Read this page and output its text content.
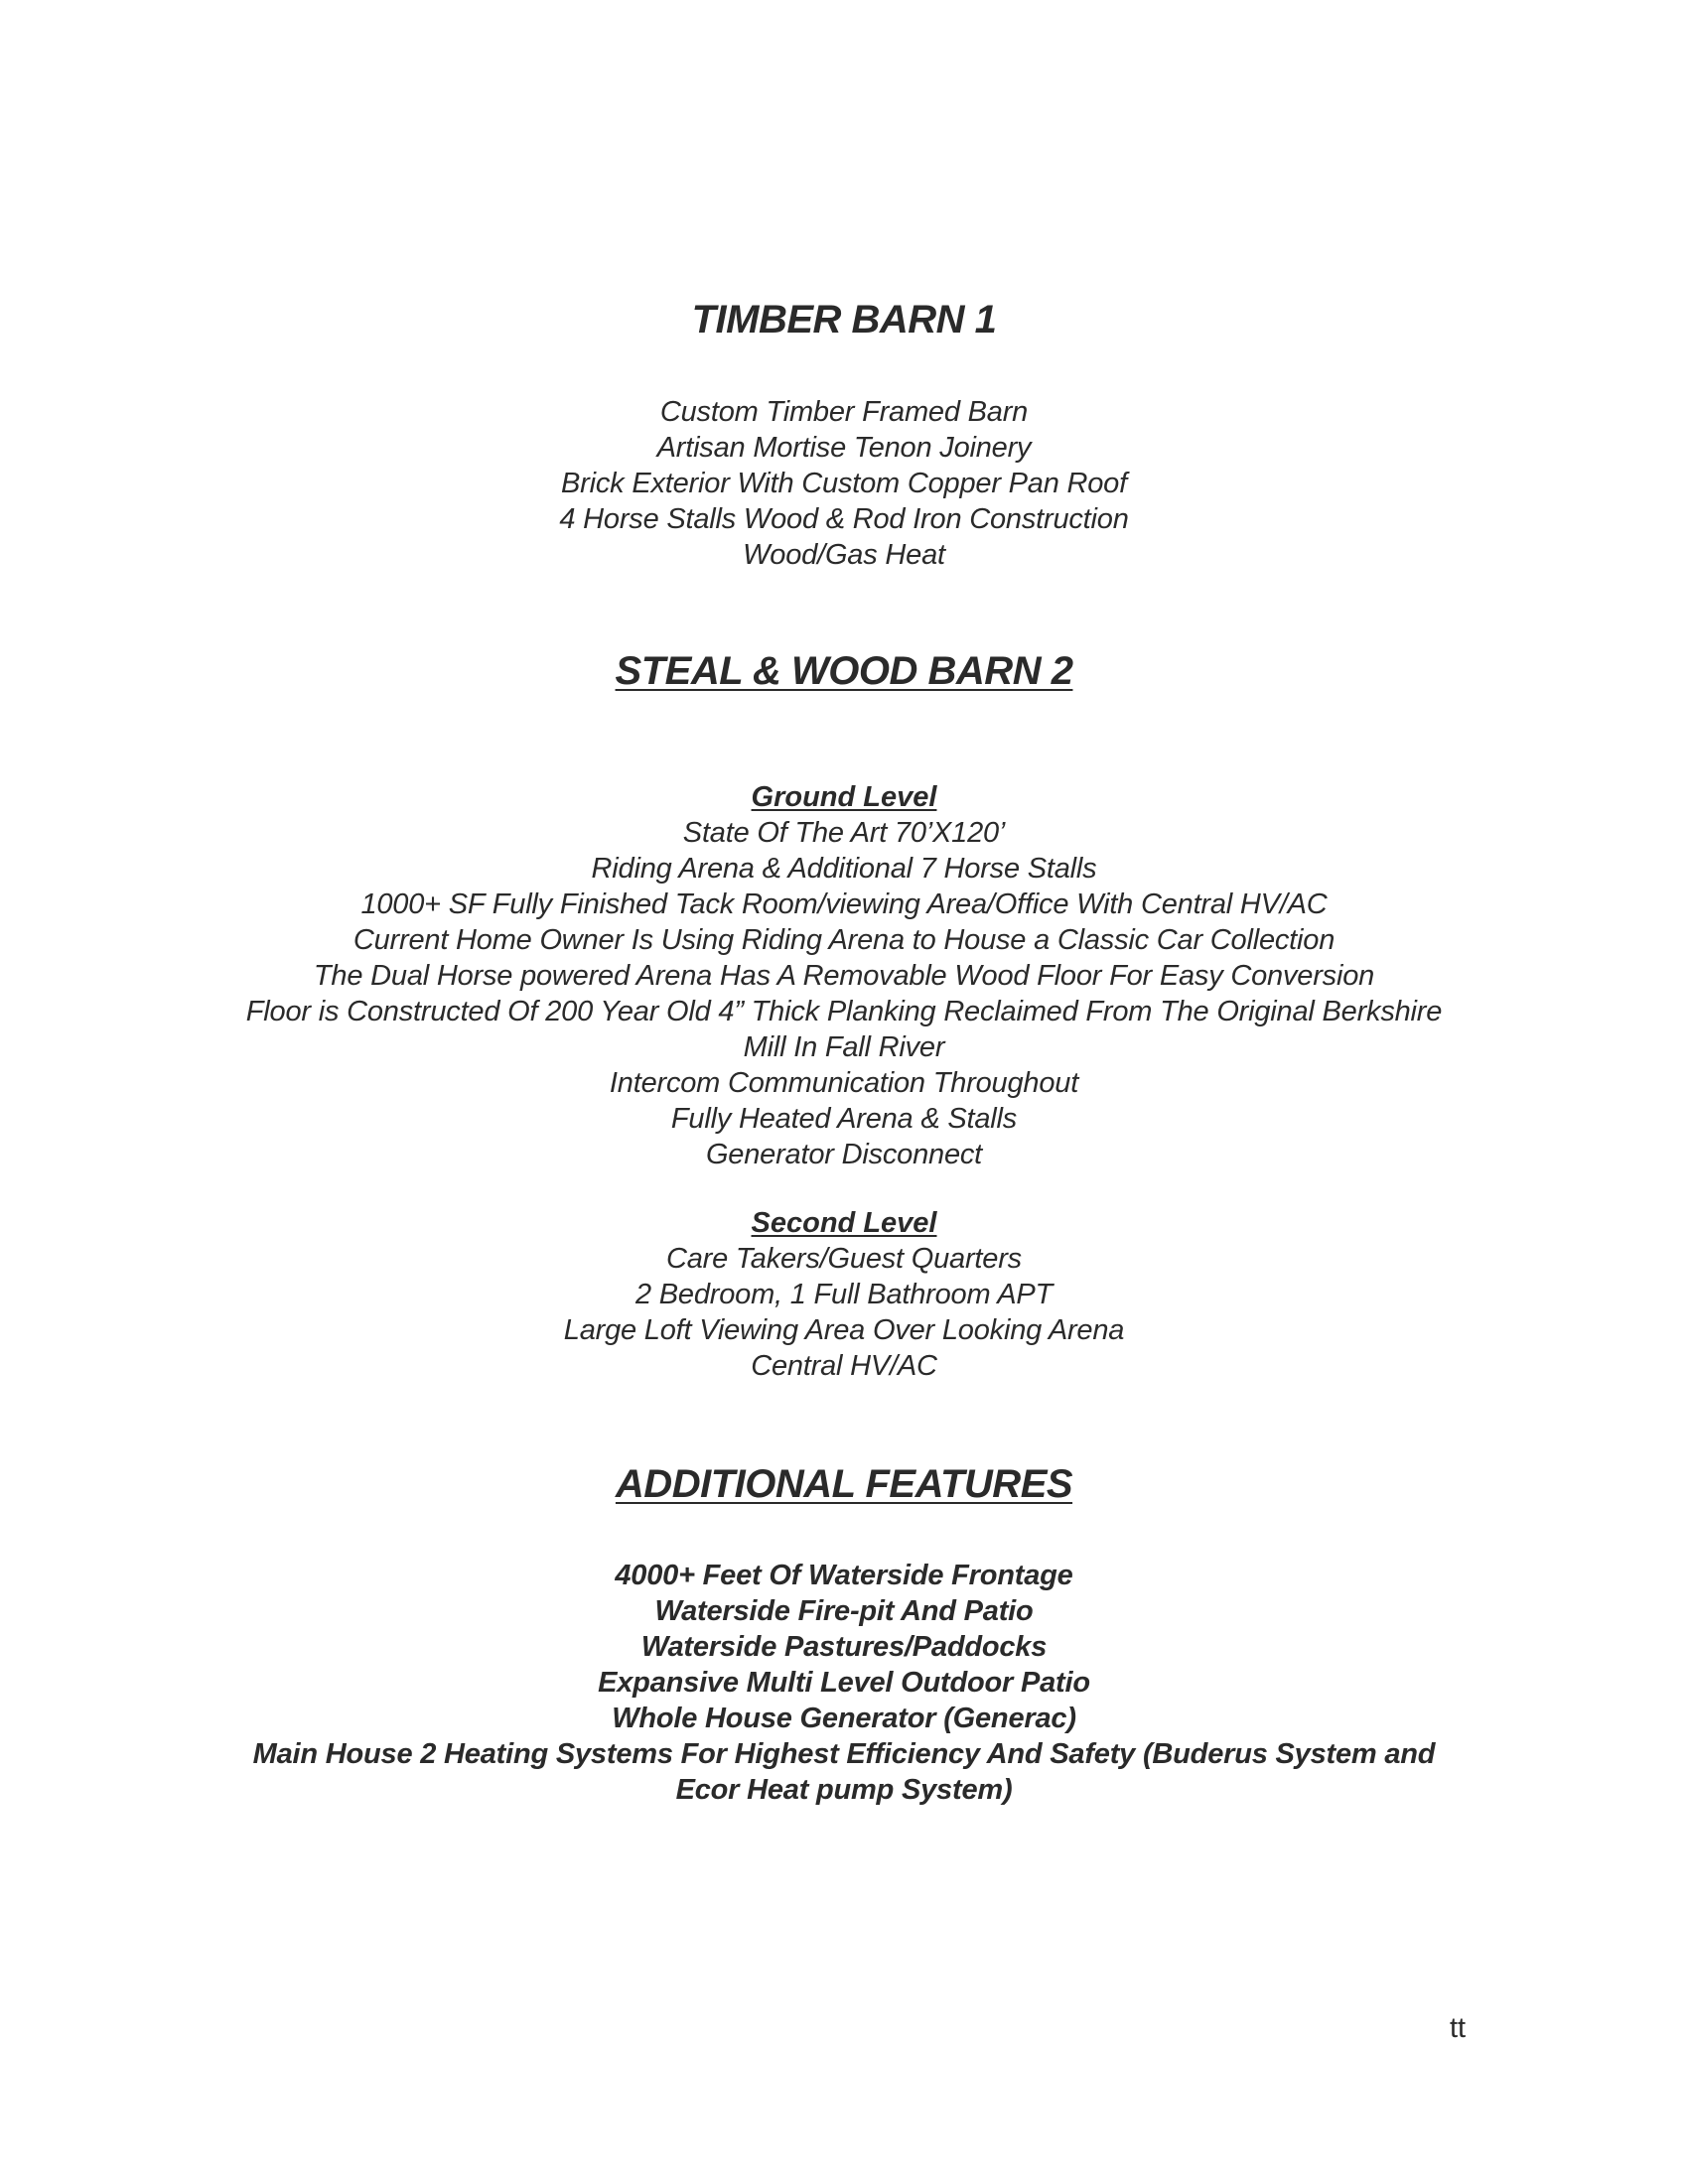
TIMBER BARN 1
Custom Timber Framed Barn
Artisan Mortise Tenon Joinery
Brick Exterior With Custom Copper Pan Roof
4 Horse Stalls Wood & Rod Iron Construction
Wood/Gas Heat
STEAL & WOOD BARN 2
Ground Level
State Of The Art 70’X120’
Riding Arena & Additional 7 Horse Stalls
1000+ SF Fully Finished Tack Room/viewing Area/Office With Central HV/AC
Current Home Owner Is Using Riding Arena to House a Classic Car Collection
The Dual Horse powered Arena Has A Removable Wood Floor For Easy Conversion
Floor is Constructed Of 200 Year Old 4” Thick Planking Reclaimed From The Original Berkshire
Mill In Fall River
Intercom Communication Throughout
Fully Heated Arena & Stalls
Generator Disconnect
Second Level
Care Takers/Guest Quarters
2 Bedroom, 1 Full Bathroom APT
Large Loft Viewing Area Over Looking Arena
Central HV/AC
ADDITIONAL FEATURES
4000+ Feet Of Waterside Frontage
Waterside Fire-pit And Patio
Waterside Pastures/Paddocks
Expansive Multi Level Outdoor Patio
Whole House Generator (Generac)
Main House 2 Heating Systems For Highest Efficiency And Safety (Buderus System and
Ecor Heat pump System)
tt
